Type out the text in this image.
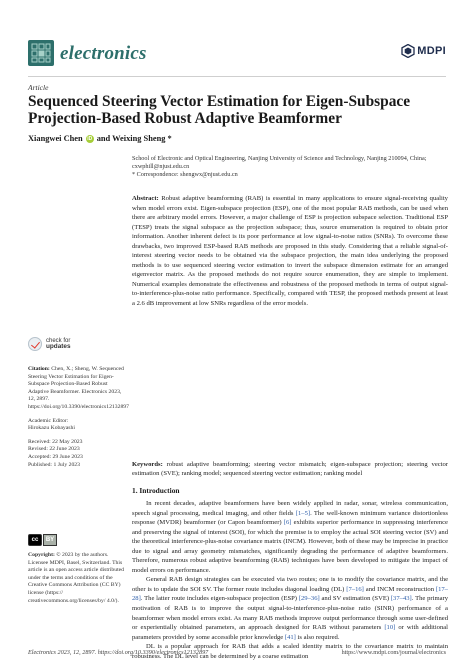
electronics	MDPI
Article
Sequenced Steering Vector Estimation for Eigen-Subspace Projection-Based Robust Adaptive Beamformer
Xiangwei Chen iD and Weixing Sheng *
School of Electronic and Optical Engineering, Nanjing University of Science and Technology, Nanjing 210094, China;
cxwphill@njust.edu.cn
* Correspondence: shengwx@njust.edu.cn
Abstract: Robust adaptive beamforming (RAB) is essential in many applications to ensure signal-receiving quality when model errors exist. Eigen-subspace projection (ESP), one of the most popular RAB methods, can be used when there are arbitrary model errors. However, a major challenge of ESP is projection subspace selection. Traditional ESP (TESP) treats the signal subspace as the projection subspace; thus, source enumeration is required to obtain prior information. Another inherent defect is its poor performance at low signal-to-noise ratios (SNRs). To overcome these drawbacks, two improved ESP-based RAB methods are proposed in this study. Considering that a reliable signal-of-interest steering vector needs to be obtained via the subspace projection, the main idea underlying the proposed methods is to use sequenced steering vector estimation to invert the subspace dimension estimate for an arranged eigenvector matrix. As the proposed methods do not require source enumeration, they are simple to implement. Numerical examples demonstrate the effectiveness and robustness of the proposed methods in terms of output signal-to-interference-plus-noise ratio performance. Specifically, compared with TESP, the proposed methods present at least a 2.6 dB improvement at low SNRs regardless of the error models.
Keywords: robust adaptive beamforming; steering vector mismatch; eigen-subspace projection; steering vector estimation (SVE); ranking model; sequenced steering vector estimation; ranking model
1. Introduction

In recent decades, adaptive beamformers have been widely applied in radar, sonar, wireless communication, speech signal processing, medical imaging, and other fields [1–5]. The well-known minimum variance distortionless response (MVDR) beamformer (or Capon beamformer) [6] exhibits superior performance in suppressing interference and preserving the signal of interest (SOI), for which the premise is to employ the actual SOI steering vector (SV) and the theoretical interference-plus-noise covariance matrix (INCM). However, both of these may be imprecise in practice due to signal and array geometry mismatches, significantly degrading the performance of adaptive beamformers. Therefore, numerous robust adaptive beamforming (RAB) techniques have been developed to mitigate the impact of model errors on performance.

General RAB design strategies can be executed via two routes; one is to modify the covariance matrix, and the other is to update the SOI SV. The former route includes diagonal loading (DL) [7–16] and INCM reconstruction [17–28]. The latter route includes eigen-subspace projection (ESP) [29–36] and SV estimation (SVE) [37–43]. The primary motivation of RAB is to improve the output signal-to-interference-plus-noise ratio (SINR) performance of a beamformer when model errors exist. As many RAB methods improve output performance through some user-defined or experientially obtained parameters, an approach designed for RAB without parameters [10] or with additional parameters provided by some accessible prior knowledge [41] is also required.

DL is a popular approach for RAB that adds a scaled identity matrix to the covariance matrix to maintain robustness. The DL level can be determined by a coarse estimation

check for
updates
Citation: Chen, X.; Sheng, W. Sequenced Steering Vector Estimation for Eigen-Subspace Projection-Based Robust Adaptive Beamformer. Electronics 2023, 12, 2897. https://doi.org/10.3390/electronics12132897
Academic Editor:
Hirokazu Kobayashi
Received: 22 May 2023
Revised: 22 June 2023
Accepted: 29 June 2023
Published: 1 July 2023
cc	BY
Copyright: © 2023 by the authors. Licensee MDPI, Basel, Switzerland. This article is an open access article distributed under the terms and conditions of the Creative Commons Attribution (CC BY) license (https:// creativecommons.org/licenses/by/ 4.0/).
Electronics 2023, 12, 2897. https://doi.org/10.3390/electronics12132897	https://www.mdpi.com/journal/electronics
